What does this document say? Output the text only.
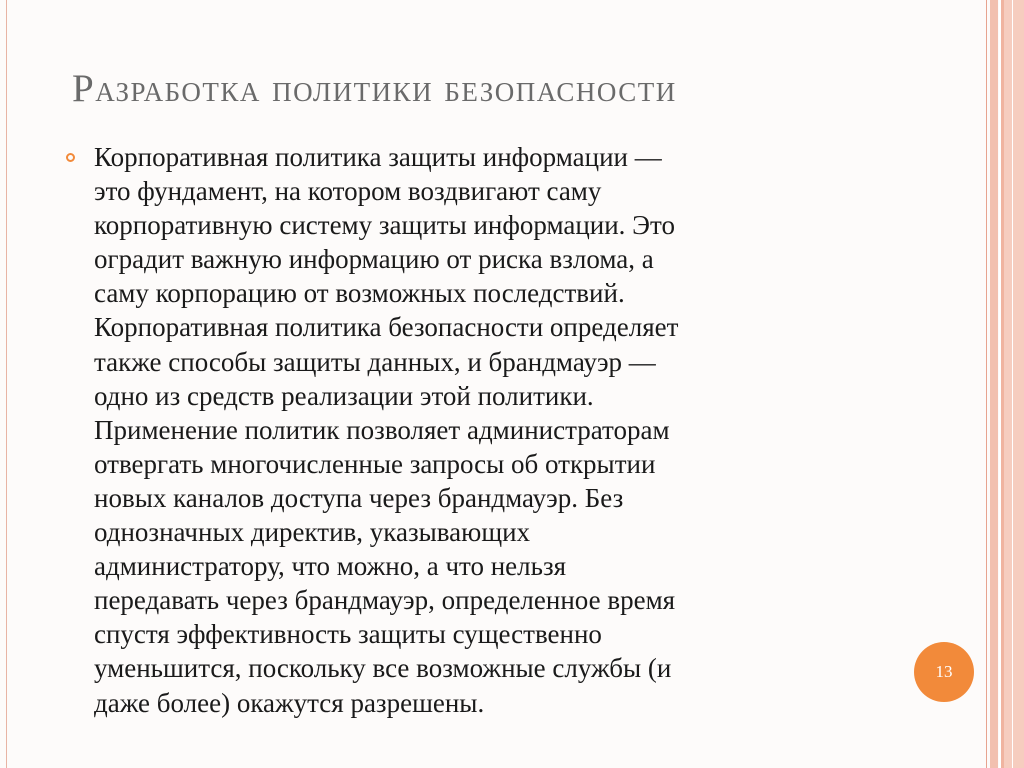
Разработка политики безопасности

Корпоративная политика защиты информации —
это фундамент, на котором воздвигают саму
корпоративную систему защиты информации. Это
оградит важную информацию от риска взлома, а
саму корпорацию от возможных последствий.
Корпоративная политика безопасности определяет
также способы защиты данных, и брандмауэр —
одно из средств реализации этой политики.
Применение политик позволяет администраторам
отвергать многочисленные запросы об открытии
новых каналов доступа через брандмауэр. Без
однозначных директив, указывающих
администратору, что можно, а что нельзя
передавать через брандмауэр, определенное время
спустя эффективность защиты существенно
уменьшится, поскольку все возможные службы (и
даже более) окажутся разрешены.

13
